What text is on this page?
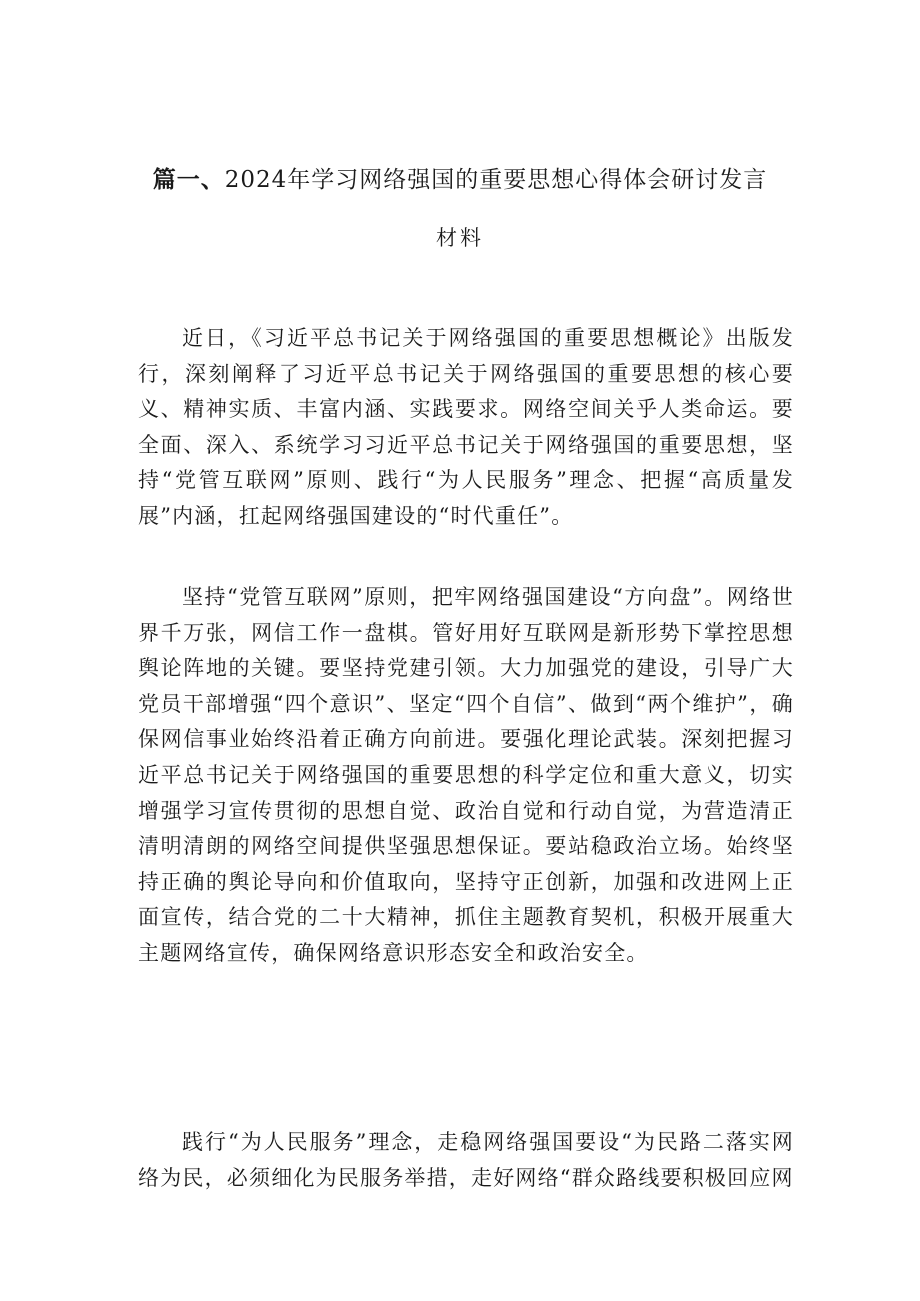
篇一、2024年学习网络强国的重要思想心得体会研讨发言
材料

近日，《习近平总书记关于网络强国的重要思想概论》出版发行，深刻阐释了习近平总书记关于网络强国的重要思想的核心要义、精神实质、丰富内涵、实践要求。网络空间关乎人类命运。要全面、深入、系统学习习近平总书记关于网络强国的重要思想，坚持“党管互联网”原则、践行“为人民服务”理念、把握“高质量发展”内涵，扛起网络强国建设的“时代重任”。

坚持“党管互联网”原则，把牢网络强国建设“方向盘”。网络世界千万张，网信工作一盘棋。管好用好互联网是新形势下掌控思想舆论阵地的关键。要坚持党建引领。大力加强党的建设，引导广大党员干部增强“四个意识”、坚定“四个自信”、做到“两个维护”，确保网信事业始终沿着正确方向前进。要强化理论武装。深刻把握习近平总书记关于网络强国的重要思想的科学定位和重大意义，切实增强学习宣传贯彻的思想自觉、政治自觉和行动自觉，为营造清正清明清朗的网络空间提供坚强思想保证。要站稳政治立场。始终坚持正确的舆论导向和价值取向，坚持守正创新，加强和改进网上正面宣传，结合党的二十大精神，抓住主题教育契机，积极开展重大主题网络宣传，确保网络意识形态安全和政治安全。

践行“为人民服务”理念，走稳网络强国要设“为民路二落实网络为民，必须细化为民服务举措，走好网络“群众路线要积极回应网
